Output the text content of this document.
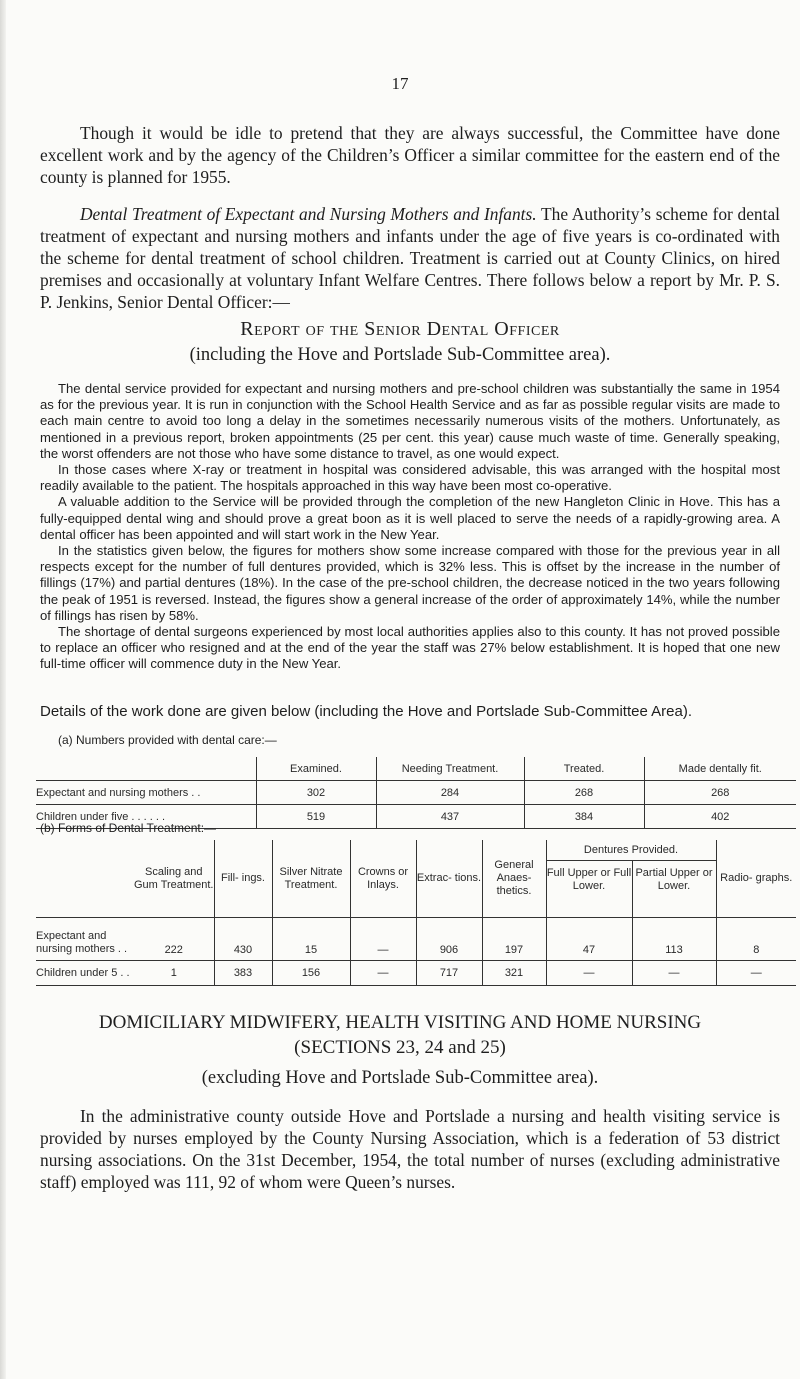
17
Though it would be idle to pretend that they are always successful, the Committee have done excellent work and by the agency of the Children’s Officer a similar committee for the eastern end of the county is planned for 1955.
Dental Treatment of Expectant and Nursing Mothers and Infants. The Authority’s scheme for dental treatment of expectant and nursing mothers and infants under the age of five years is co-ordinated with the scheme for dental treatment of school children. Treatment is carried out at County Clinics, on hired premises and occasionally at voluntary Infant Welfare Centres. There follows below a report by Mr. P. S. P. Jenkins, Senior Dental Officer:—
Report of the Senior Dental Officer
(including the Hove and Portslade Sub-Committee area).

The dental service provided for expectant and nursing mothers and pre-school children was substantially the same in 1954 as for the previous year. It is run in conjunction with the School Health Service and as far as possible regular visits are made to each main centre to avoid too long a delay in the sometimes necessarily numerous visits of the mothers. Unfortunately, as mentioned in a previous report, broken appointments (25 per cent. this year) cause much waste of time. Generally speaking, the worst offenders are not those who have some distance to travel, as one would expect.

In those cases where X-ray or treatment in hospital was considered advisable, this was arranged with the hospital most readily available to the patient. The hospitals approached in this way have been most co-operative.

A valuable addition to the Service will be provided through the completion of the new Hangleton Clinic in Hove. This has a fully-equipped dental wing and should prove a great boon as it is well placed to serve the needs of a rapidly-growing area. A dental officer has been appointed and will start work in the New Year.

In the statistics given below, the figures for mothers show some increase compared with those for the previous year in all respects except for the number of full dentures provided, which is 32% less. This is offset by the increase in the number of fillings (17%) and partial dentures (18%). In the case of the pre-school children, the decrease noticed in the two years following the peak of 1951 is reversed. Instead, the figures show a general increase of the order of approximately 14%, while the number of fillings has risen by 58%.

The shortage of dental surgeons experienced by most local authorities applies also to this county. It has not proved possible to replace an officer who resigned and at the end of the year the staff was 27% below establishment. It is hoped that one new full-time officer will commence duty in the New Year.

Details of the work done are given below (including the Hove and Portslade Sub-Committee Area).
(a) Numbers provided with dental care:—
	Examined.	Needing Treatment.	Treated.	Made dentally fit.
Expectant and nursing mothers . .	302	284	268	268
Children under five . . . . . .	519	437	384	402
(b) Forms of Dental Treatment:—
	Scaling and Gum Treatment.	Fill- ings.	Silver Nitrate Treatment.	Crowns or Inlays.	Extrac- tions.	General Anaes- thetics.	Dentures Provided.		Radio- graphs.
							Full Upper or Full Lower.	Partial Upper or Lower.	
Expectant and nursing mothers . .	222	430	15	—	906	197	47	113	8
Children under 5 . .	1	383	156	—	717	321	—	—	—
DOMICILIARY MIDWIFERY, HEALTH VISITING AND HOME NURSING
(SECTIONS 23, 24 and 25)
(excluding Hove and Portslade Sub-Committee area).
In the administrative county outside Hove and Portslade a nursing and health visiting service is provided by nurses employed by the County Nursing Association, which is a federation of 53 district nursing associations. On the 31st December, 1954, the total number of nurses (excluding administrative staff) employed was 111, 92 of whom were Queen’s nurses.
